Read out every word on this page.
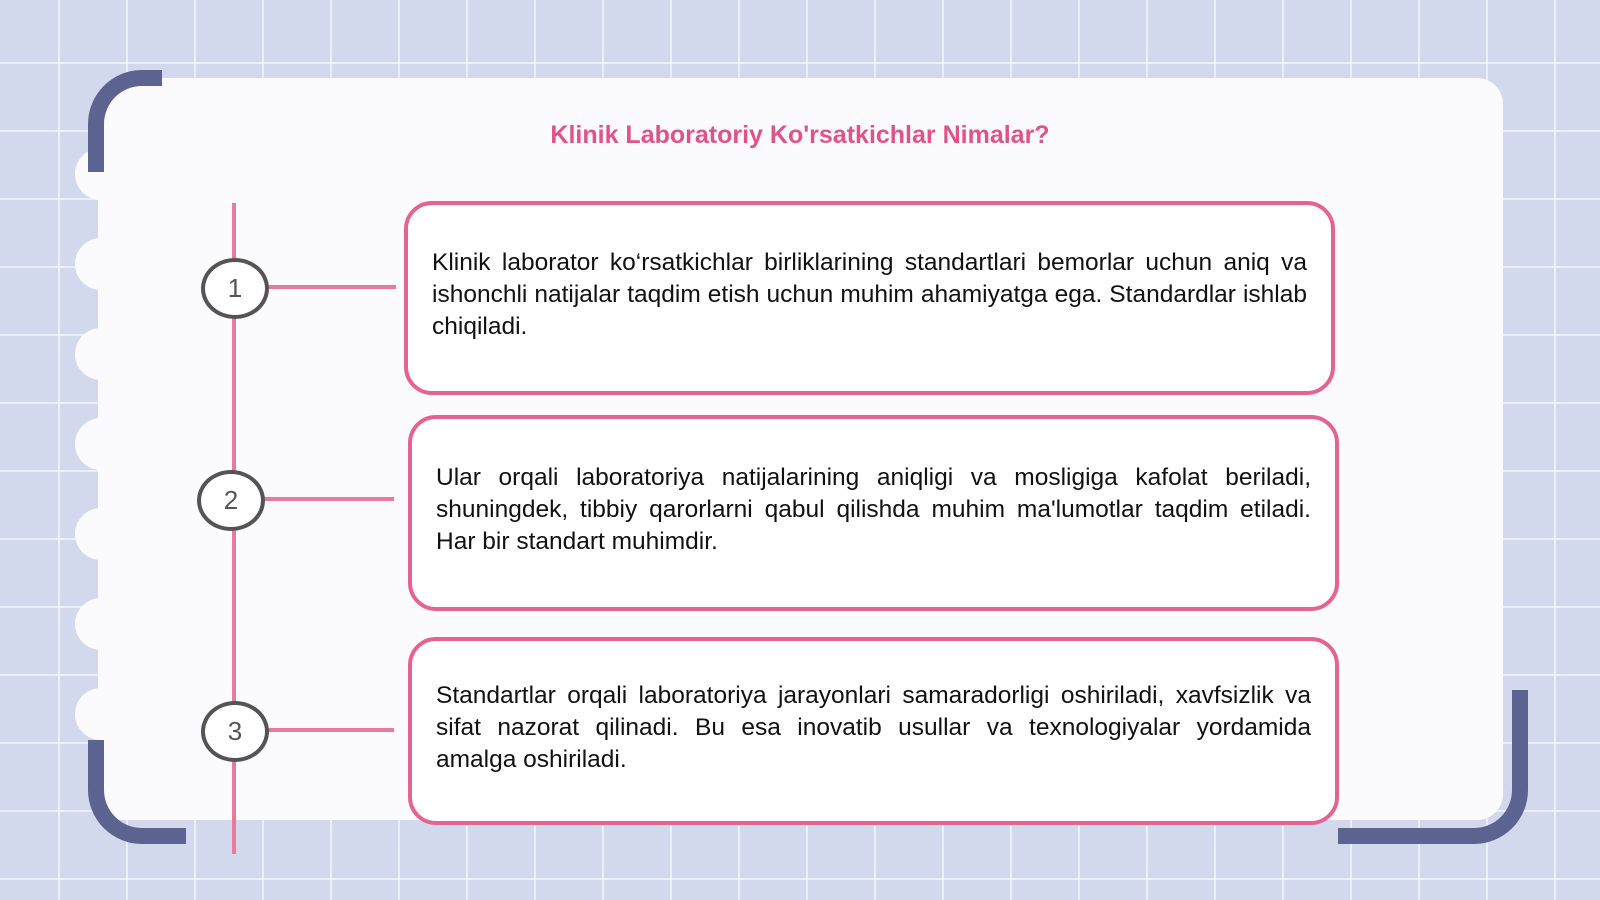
Klinik Laboratoriy Ko'rsatkichlar Nimalar?
1
2
3

Klinik laborator ko‘rsatkichlar birliklarining standartlari bemorlar uchun aniq va ishonchli natijalar taqdim etish uchun muhim ahamiyatga ega. Standardlar ishlab chiqiladi.

Ular orqali laboratoriya natijalarining aniqligi va mosligiga kafolat beriladi, shuningdek, tibbiy qarorlarni qabul qilishda muhim ma'lumotlar taqdim etiladi. Har bir standart muhimdir.

Standartlar orqali laboratoriya jarayonlari samaradorligi oshiriladi, xavfsizlik va sifat nazorat qilinadi. Bu esa inovatib usullar va texnologiyalar yordamida amalga oshiriladi.
